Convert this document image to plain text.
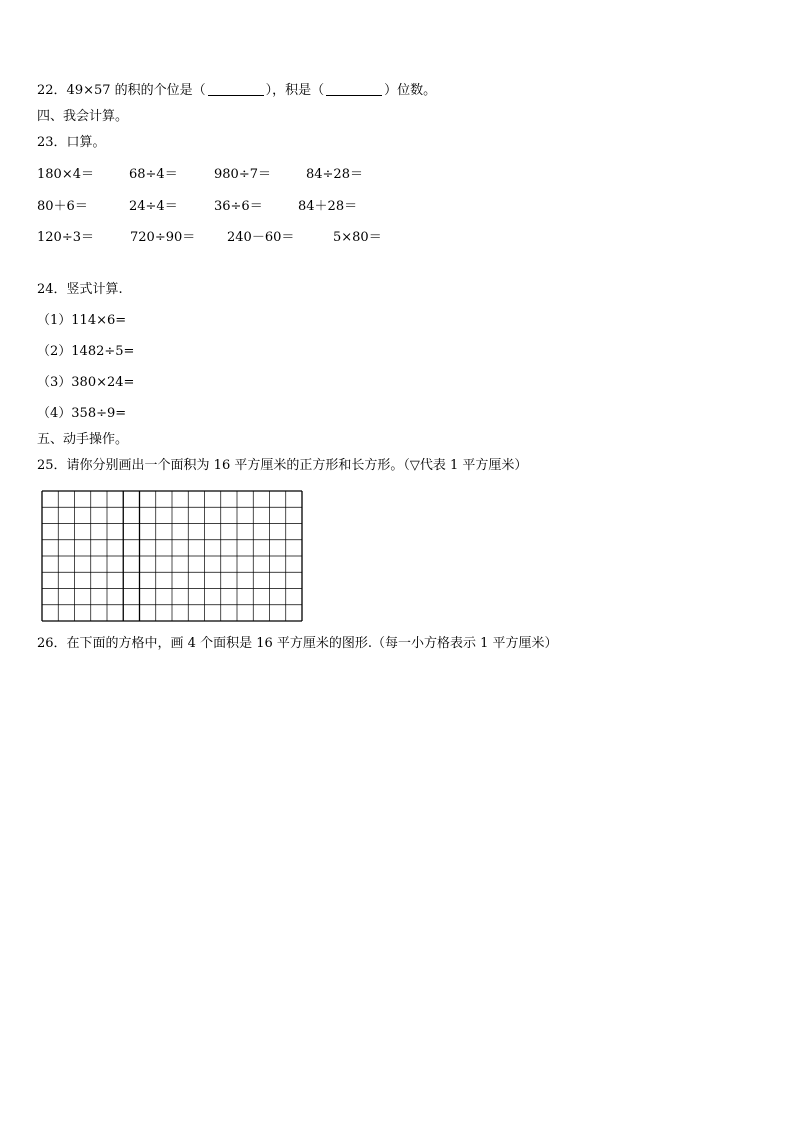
22．49×57 的积的个位是（	），积是（	）位数。
四、我会计算。
23．口算。
180×4＝	68÷4＝	980÷7＝	84÷28＝
80＋6＝	24÷4＝	36÷6＝	84＋28＝
120÷3＝	720÷90＝ 240－60＝	5×80＝
24．竖式计算.
（1）114×6=
（2）1482÷5=
（3）380×24=
（4）358÷9=
五、动手操作。
25．请你分别画出一个面积为 16 平方厘米的正方形和长方形。（▽代表 1 平方厘米）
26．在下面的方格中，画 4 个面积是 16 平方厘米的图形.（每一小方格表示 1 平方厘米）
